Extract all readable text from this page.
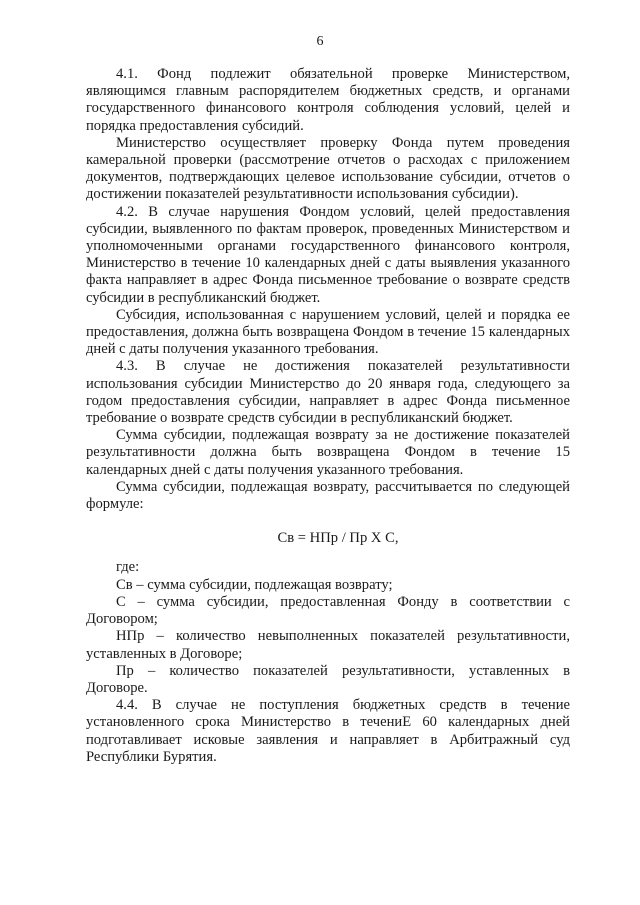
6

4.1. Фонд подлежит обязательной проверке Министерством, являющимся главным распорядителем бюджетных средств, и органами государственного финансового контроля соблюдения условий, целей и порядка предоставления субсидий.

Министерство осуществляет проверку Фонда путем проведения камеральной проверки (рассмотрение отчетов о расходах с приложением документов, подтверждающих целевое использование субсидии, отчетов о достижении показателей результативности использования субсидии).

4.2. В случае нарушения Фондом условий, целей предоставления субсидии, выявленного по фактам проверок, проведенных Министерством и уполномоченными органами государственного финансового контроля, Министерство в течение 10 календарных дней с даты выявления указанного факта направляет в адрес Фонда письменное требование о возврате средств субсидии в республиканский бюджет.

Субсидия, использованная с нарушением условий, целей и порядка ее предоставления, должна быть возвращена Фондом в течение 15 календарных дней с даты получения указанного требования.

4.3. В случае не достижения показателей результативности использования субсидии Министерство до 20 января года, следующего за годом предоставления субсидии, направляет в адрес Фонда письменное требование о возврате средств субсидии в республиканский бюджет.

Сумма субсидии, подлежащая возврату за не достижение показателей результативности должна быть возвращена Фондом в течение 15 календарных дней с даты получения указанного требования.

Сумма субсидии, подлежащая возврату, рассчитывается по следующей формуле:

Св = НПр / Пр Х С,

где:

Св – сумма субсидии, подлежащая возврату;

С – сумма субсидии, предоставленная Фонду в соответствии с Договором;

НПр – количество невыполненных показателей результативности, уставленных в Договоре;

Пр – количество показателей результативности, уставленных в Договоре.

4.4. В случае не поступления бюджетных средств в течение установленного срока Министерство в течениЕ 60 календарных дней подготавливает исковые заявления и направляет в Арбитражный суд Республики Бурятия.
